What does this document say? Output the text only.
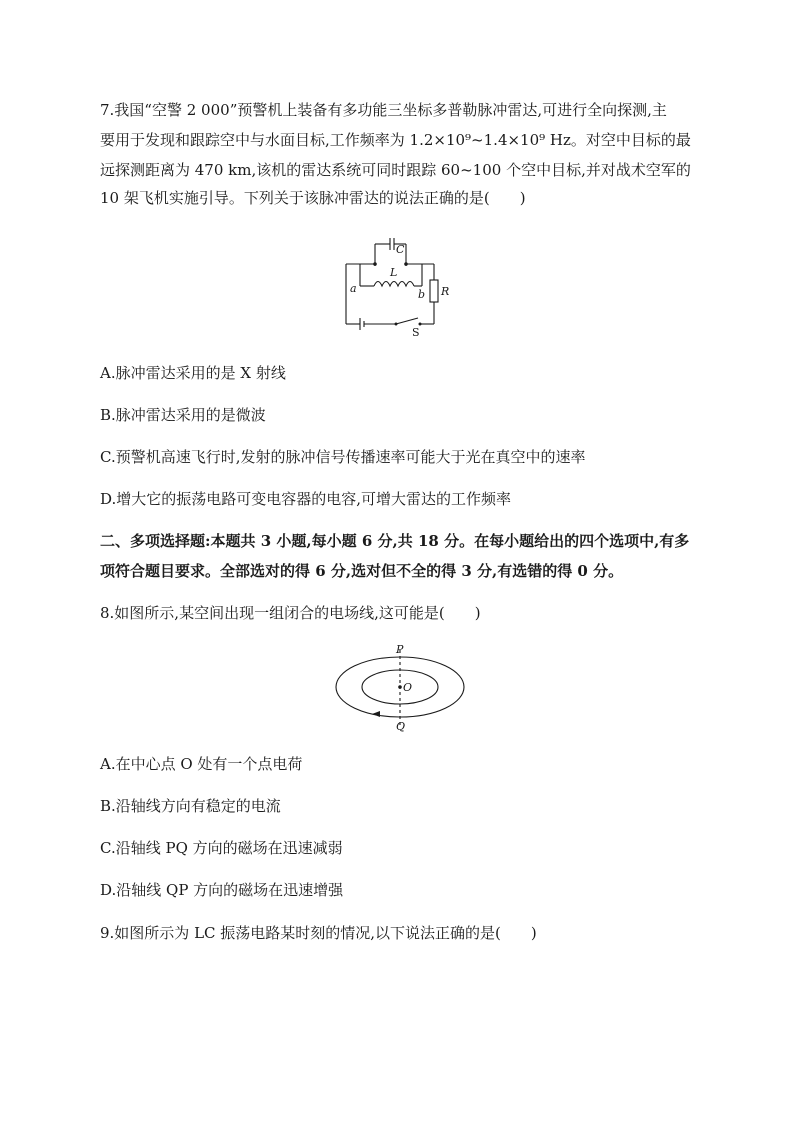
7.我国“空警 2 000”预警机上装备有多功能三坐标多普勒脉冲雷达,可进行全向探测,主
要用于发现和跟踪空中与水面目标,工作频率为 1.2×10⁹~1.4×10⁹ Hz。对空中目标的最
远探测距离为 470 km,该机的雷达系统可同时跟踪 60~100 个空中目标,并对战术空军的
10 架飞机实施引导。下列关于该脉冲雷达的说法正确的是(　　)
C
L
a	b R
S
A.脉冲雷达采用的是 X 射线
B.脉冲雷达采用的是微波
C.预警机高速飞行时,发射的脉冲信号传播速率可能大于光在真空中的速率
D.增大它的振荡电路可变电容器的电容,可增大雷达的工作频率
二、多项选择题:本题共 3 小题,每小题 6 分,共 18 分。在每小题给出的四个选项中,有多
项符合题目要求。全部选对的得 6 分,选对但不全的得 3 分,有选错的得 0 分。
8.如图所示,某空间出现一组闭合的电场线,这可能是(　　)
P
O
Q
A.在中心点 O 处有一个点电荷
B.沿轴线方向有稳定的电流
C.沿轴线 PQ 方向的磁场在迅速减弱
D.沿轴线 QP 方向的磁场在迅速增强
9.如图所示为 LC 振荡电路某时刻的情况,以下说法正确的是(　　)
